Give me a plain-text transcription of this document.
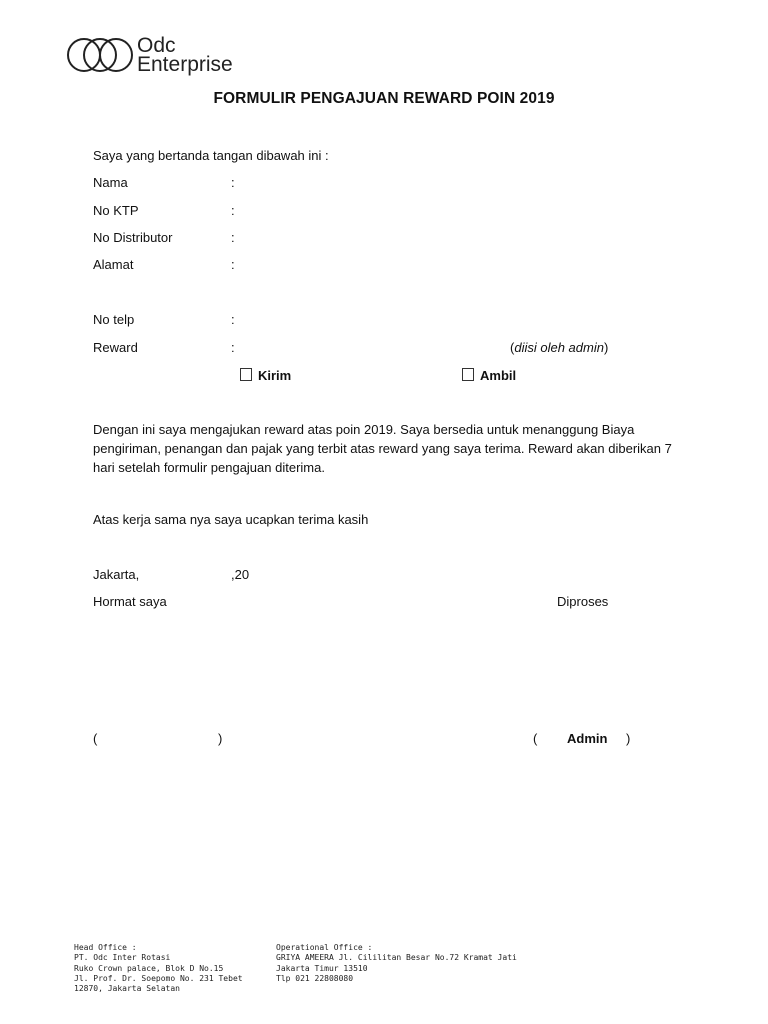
Odc
Enterprise
FORMULIR PENGAJUAN REWARD POIN 2019
Saya yang bertanda tangan dibawah ini :
Nama	:
No KTP	:
No Distributor	:
Alamat	:
No telp	:
Reward	:	(diisi oleh admin)
Kirim	Ambil
Dengan ini saya mengajukan reward atas poin 2019. Saya bersedia untuk menanggung Biaya
pengiriman, penangan dan pajak yang terbit atas reward yang saya terima. Reward akan diberikan 7
hari setelah formulir pengajuan diterima.
Atas kerja sama nya saya ucapkan terima kasih
Jakarta,	,20
Hormat saya	Diproses
(	)	( Admin )
Head Office :
PT. Odc Inter Rotasi
Ruko Crown palace, Blok D No.15
Jl. Prof. Dr. Soepomo No. 231 Tebet
12870, Jakarta Selatan
Operational Office :
GRIYA AMEERA Jl. Cililitan Besar No.72 Kramat Jati
Jakarta Timur 13510
Tlp 021 22808080
